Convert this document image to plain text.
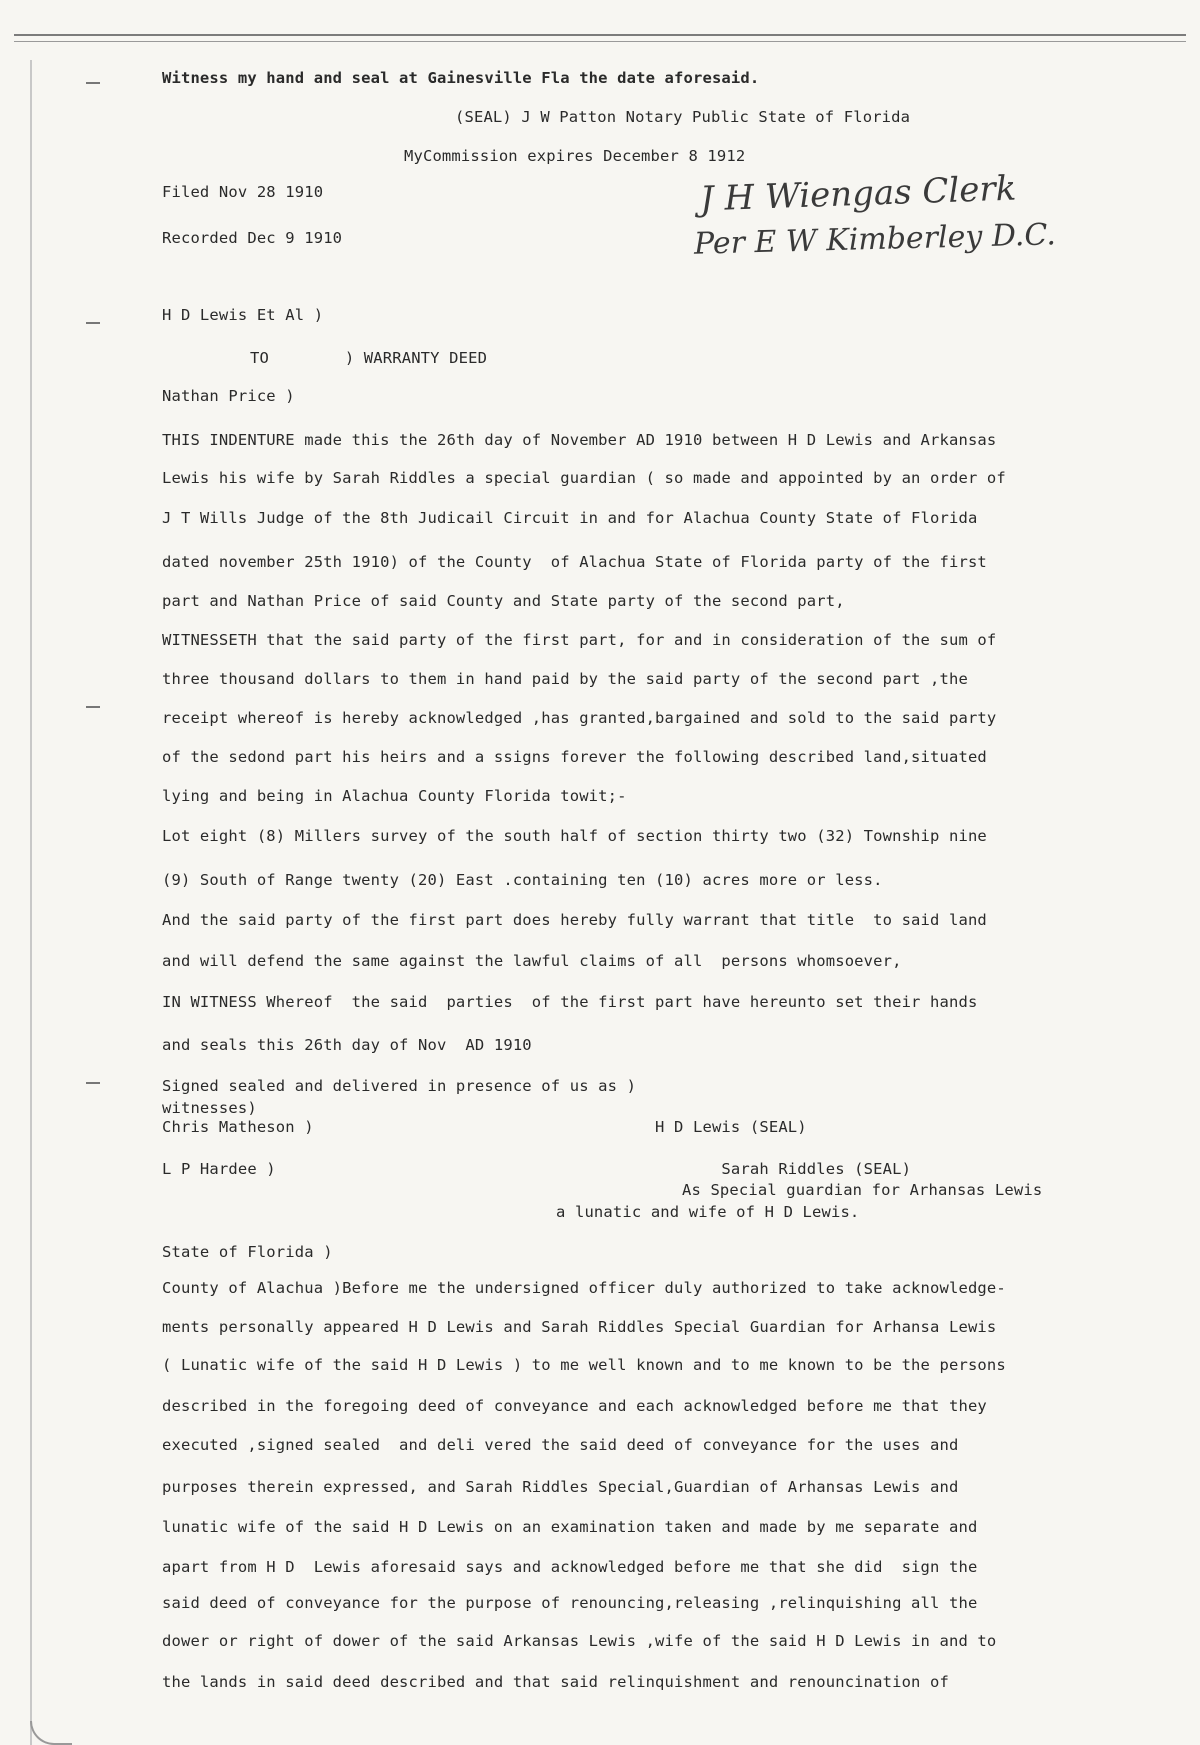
Witness my hand and seal at Gainesville Fla the date aforesaid.
(SEAL) J W Patton Notary Public State of Florida
MyCommission expires December 8 1912
Filed Nov 28 1910
Recorded Dec 9 1910
J H Wiengas Clerk
Per E W Kimberley D.C.
H D Lewis Et Al )
TO        ) WARRANTY DEED
Nathan Price )
THIS INDENTURE made this the 26th day of November AD 1910 between H D Lewis and Arkansas
Lewis his wife by Sarah Riddles a special guardian ( so made and appointed by an order of
J T Wills Judge of the 8th Judicail Circuit in and for Alachua County State of Florida
dated november 25th 1910) of the County  of Alachua State of Florida party of the first
part and Nathan Price of said County and State party of the second part,
WITNESSETH that the said party of the first part, for and in consideration of the sum of
three thousand dollars to them in hand paid by the said party of the second part ,the
receipt whereof is hereby acknowledged ,has granted,bargained and sold to the said party
of the sedond part his heirs and a ssigns forever the following described land,situated
lying and being in Alachua County Florida towit;-
Lot eight (8) Millers survey of the south half of section thirty two (32) Township nine
(9) South of Range twenty (20) East .containing ten (10) acres more or less.
And the said party of the first part does hereby fully warrant that title  to said land
and will defend the same against the lawful claims of all  persons whomsoever,
IN WITNESS Whereof  the said  parties  of the first part have hereunto set their hands
and seals this 26th day of Nov  AD 1910
Signed sealed and delivered in presence of us as )
witnesses)
Chris Matheson )                                    H D Lewis (SEAL)
L P Hardee )                                               Sarah Riddles (SEAL)
As Special guardian for Arhansas Lewis
a lunatic and wife of H D Lewis.
State of Florida )
County of Alachua )Before me the undersigned officer duly authorized to take acknowledge-
ments personally appeared H D Lewis and Sarah Riddles Special Guardian for Arhansa Lewis
( Lunatic wife of the said H D Lewis ) to me well known and to me known to be the persons
described in the foregoing deed of conveyance and each acknowledged before me that they
executed ,signed sealed  and deli vered the said deed of conveyance for the uses and
purposes therein expressed, and Sarah Riddles Special,Guardian of Arhansas Lewis and
lunatic wife of the said H D Lewis on an examination taken and made by me separate and
apart from H D  Lewis aforesaid says and acknowledged before me that she did  sign the
said deed of conveyance for the purpose of renouncing,releasing ,relinquishing all the
dower or right of dower of the said Arkansas Lewis ,wife of the said H D Lewis in and to
the lands in said deed described and that said relinquishment and renouncination of
